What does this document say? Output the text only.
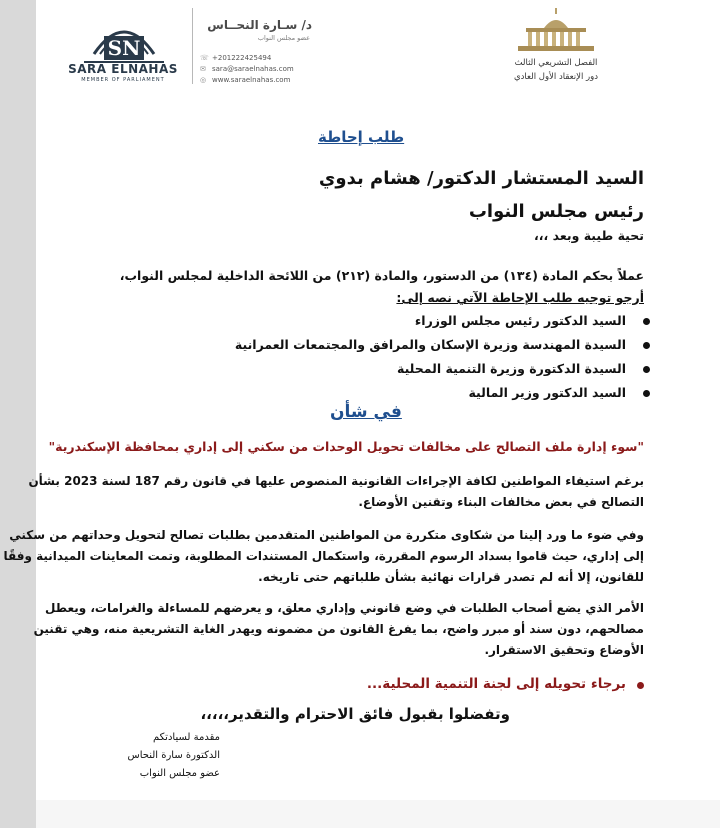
SN
SARA ELNAHAS
MEMBER OF PARLIAMENT
د/ سـارة النحــاس
عضو مجلس النواب
☏ +201222425494
✉ sara@saraelnahas.com
◎ www.saraelnahas.com
الفصل التشريعي الثالث
دور الإنعقاد الأول العادي
طلب إحاطة
السيد المستشار الدكتور/ هشام بدوي
رئيس مجلس النواب
تحية طيبة وبعد ،،،
عملاً بحكم المادة (١٣٤) من الدستور، والمادة (٢١٢) من اللائحة الداخلية لمجلس النواب،
أرجو توجيه طلب الإحاطة الآتي نصه إلى:
السيد الدكتور رئيس مجلس الوزراء
السيدة المهندسة وزيرة الإسكان والمرافق والمجتمعات العمرانية
السيدة الدكتورة وزيرة التنمية المحلية
السيد الدكتور وزير المالية
في شأن
"سوء إدارة ملف التصالح على مخالفات تحويل الوحدات من سكني إلى إداري بمحافظة الإسكندرية"
برغم استيفاء المواطنين لكافة الإجراءات القانونية المنصوص عليها في قانون رقم 187 لسنة 2023 بشأن
التصالح في بعض مخالفات البناء وتقنين الأوضاع.
وفي ضوء ما ورد إلينا من شكاوى متكررة من المواطنين المتقدمين بطلبات تصالح لتحويل وحداتهم من سكني
إلى إداري، حيث قاموا بسداد الرسوم المقررة، واستكمال المستندات المطلوبة، وتمت المعاينات الميدانية وفقًا
للقانون، إلا أنه لم تصدر قرارات نهائية بشأن طلباتهم حتى تاريخه.
الأمر الذي يضع أصحاب الطلبات في وضع قانوني وإداري معلق، و يعرضهم للمساءلة والغرامات، ويعطل
مصالحهم، دون سند أو مبرر واضح، بما يفرغ القانون من مضمونه ويهدر الغاية التشريعية منه، وهي تقنين
الأوضاع وتحقيق الاستقرار.
برجاء تحويله إلى لجنة التنمية المحلية...
وتفضلوا بقبول فائق الاحترام والتقدير،،،،،
مقدمة لسيادتكم
الدكتورة سارة النحاس
عضو مجلس النواب
